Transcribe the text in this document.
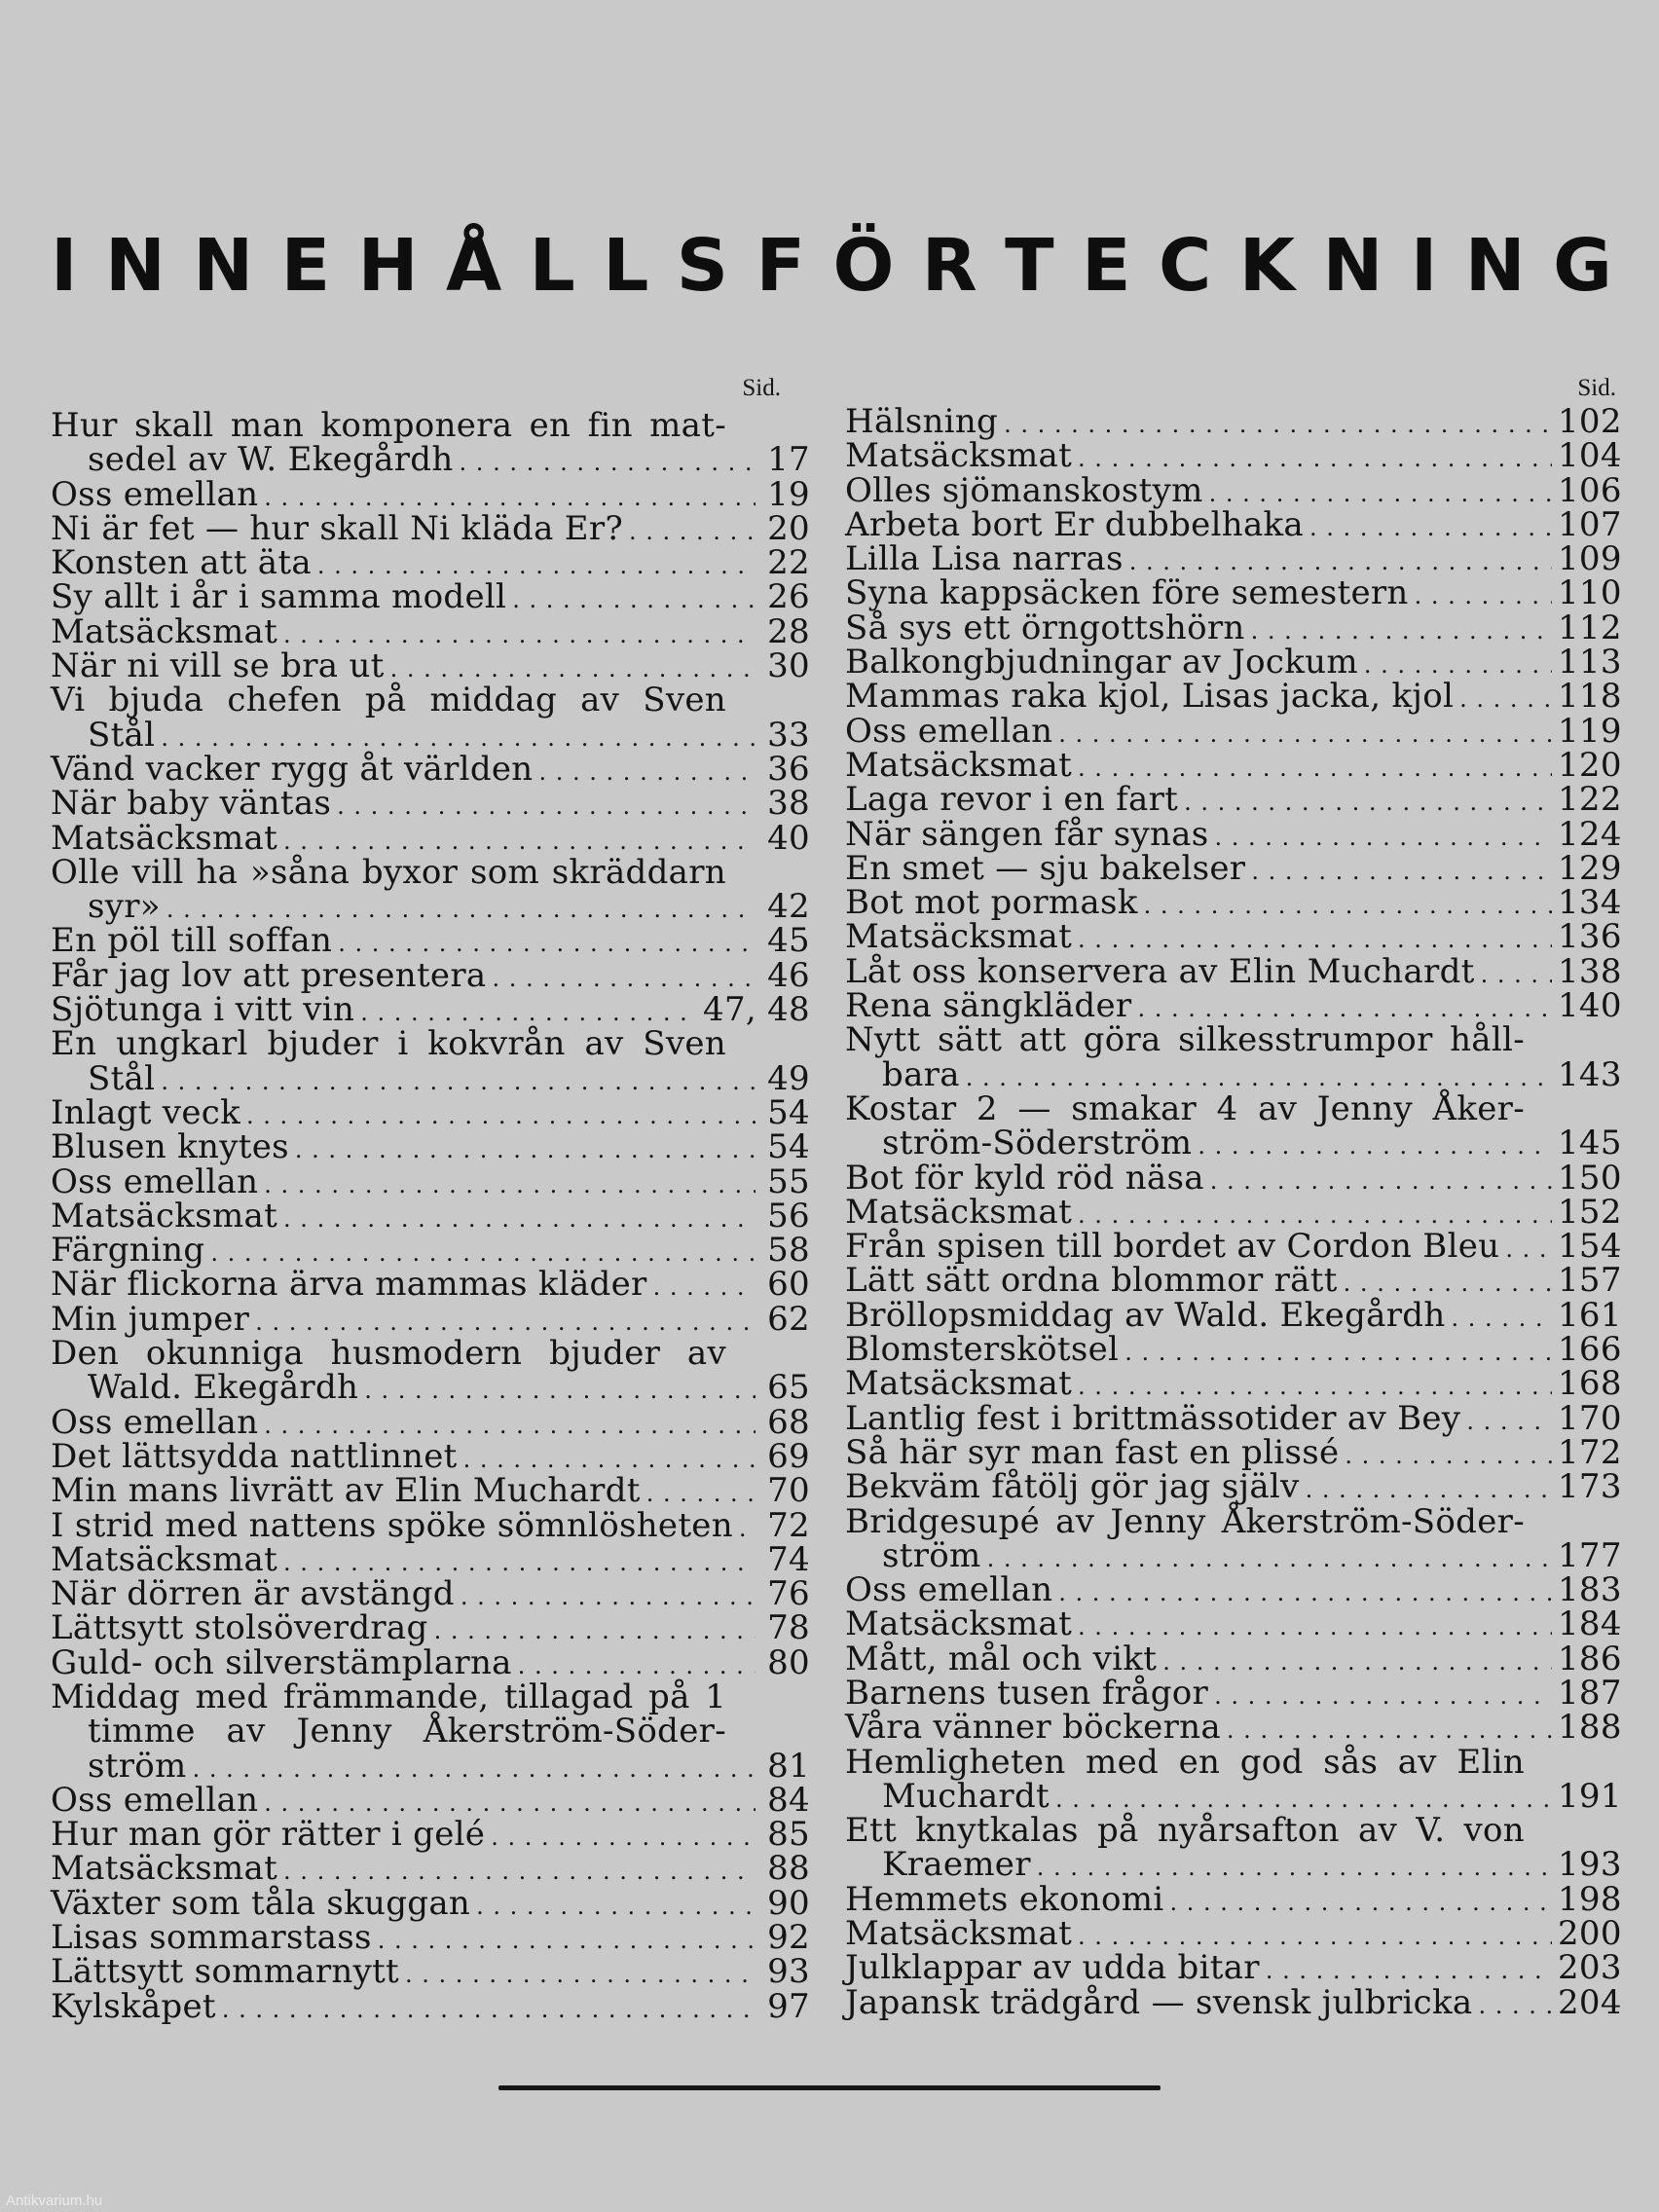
I N N E H Å L L S F Ö R T E C K N I N G
Sid.
Hur skall man komponera en fin mat-
sedel av W. Ekegårdh . . .	17
Oss emellan . . .	19
Ni är fet — hur skall Ni kläda Er? . . .	20
Konsten att äta . . .	22
Sy allt i år i samma modell . . .	26
Matsäcksmat . . .	28
När ni vill se bra ut . . .	30
Vi bjuda chefen på middag av Sven
Stål . . .	33
Vänd vacker rygg åt världen . . .	36
När baby väntas . . .	38
Matsäcksmat . . .	40
Olle vill ha »såna byxor som skräddarn
syr» . . .	42
En pöl till soffan . . .	45
Får jag lov att presentera . . .	46
Sjötunga i vitt vin . . .	47, 48
En ungkarl bjuder i kokvrån av Sven
Stål . . .	49
Inlagt veck . . .	54
Blusen knytes . . .	54
Oss emellan . . .	55
Matsäcksmat . . .	56
Färgning . . .	58
När flickorna ärva mammas kläder . . .	60
Min jumper . . .	62
Den okunniga husmodern bjuder av
Wald. Ekegårdh . . .	65
Oss emellan . . .	68
Det lättsydda nattlinnet . . .	69
Min mans livrätt av Elin Muchardt . . .	70
I strid med nattens spöke sömnlösheten . . . 72
Matsäcksmat . . .	74
När dörren är avstängd . . .	76
Lättsytt stolsöverdrag . . .	78
Guld- och silverstämplarna . . .	80
Middag med främmande, tillagad på 1
timme av Jenny Åkerström-Söder-
ström . . .	81
Oss emellan . . .	84
Hur man gör rätter i gelé . . .	85
Matsäcksmat . . .	88
Växter som tåla skuggan . . .	90
Lisas sommarstass . . .	92
Lättsytt sommarnytt . . .	93
Kylskåpet . . .	97
Sid.
Hälsning . . .	102
Matsäcksmat . . .	104
Olles sjömanskostym . . .	106
Arbeta bort Er dubbelhaka . . .	107
Lilla Lisa narras . . .	109
Syna kappsäcken före semestern . . .	110
Så sys ett örngottshörn . . .	112
Balkongbjudningar av Jockum . . .	113
Mammas raka kjol, Lisas jacka, kjol . . .	118
Oss emellan . . .	119
Matsäcksmat . . .	120
Laga revor i en fart . . .	122
När sängen får synas . . .	124
En smet — sju bakelser . . .	129
Bot mot pormask . . .	134
Matsäcksmat . . .	136
Låt oss konservera av Elin Muchardt . . .	138
Rena sängkläder . . .	140
Nytt sätt att göra silkesstrumpor håll-
bara . . .	143
Kostar 2 — smakar 4 av Jenny Åker-
ström-Söderström . . .	145
Bot för kyld röd näsa . . .	150
Matsäcksmat . . .	152
Från spisen till bordet av Cordon Bleu . . . 154
Lätt sätt ordna blommor rätt . . .	157
Bröllopsmiddag av Wald. Ekegårdh . . .	161
Blomsterskötsel . . .	166
Matsäcksmat . . .	168
Lantlig fest i brittmässotider av Bey . . .	170
Så här syr man fast en plissé . . .	172
Bekväm fåtölj gör jag själv . . .	173
Bridgesupé av Jenny Åkerström-Söder-
ström . . .	177
Oss emellan . . .	183
Matsäcksmat . . .	184
Mått, mål och vikt . . .	186
Barnens tusen frågor . . .	187
Våra vänner böckerna . . .	188
Hemligheten med en god sås av Elin
Muchardt . . .	191
Ett knytkalas på nyårsafton av V. von
Kraemer . . .	193
Hemmets ekonomi . . .	198
Matsäcksmat . . .	200
Julklappar av udda bitar . . .	203
Japansk trädgård — svensk julbricka . . .	204
Antikvarium.hu
